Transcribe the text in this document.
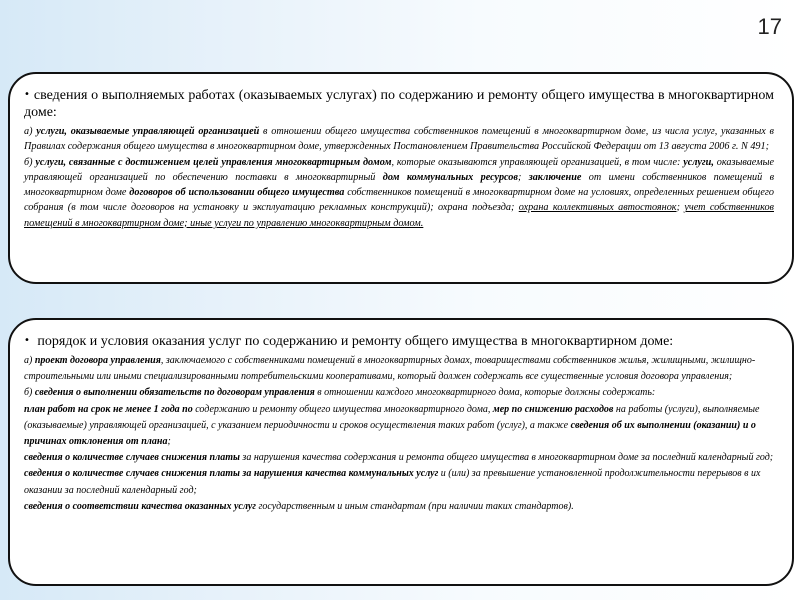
17

• сведения о выполняемых работах (оказываемых услугах) по содержанию и ремонту общего имущества в многоквартирном доме:

а) услуги, оказываемые управляющей организацией в отношении общего имущества собственников помещений в многоквартирном доме, из числа услуг, указанных в Правилах содержания общего имущества в многоквартирном доме, утвержденных Постановлением Правительства Российской Федерации от 13 августа 2006 г. N 491;

б) услуги, связанные с достижением целей управления многоквартирным домом, которые оказываются управляющей организацией, в том числе: услуги, оказываемые управляющей организацией по обеспечению поставки в многоквартирный дом коммунальных ресурсов; заключение от имени собственников помещений в многоквартирном доме договоров об использовании общего имущества собственников помещений в многоквартирном доме на условиях, определенных решением общего собрания (в том числе договоров на установку и эксплуатацию рекламных конструкций); охрана подъезда; охрана коллективных автостоянок; учет собственников помещений в многоквартирном доме; иные услуги по управлению многоквартирным домом.

• порядок и условия оказания услуг по содержанию и ремонту общего имущества в многоквартирном доме:

а) проект договора управления, заключаемого с собственниками помещений в многоквартирных домах, товариществами собственников жилья, жилищными, жилищно-строительными или иными специализированными потребительскими кооперативами, который должен содержать все существенные условия договора управления;

б) сведения о выполнении обязательств по договорам управления в отношении каждого многоквартирного дома, которые должны содержать:

план работ на срок не менее 1 года по содержанию и ремонту общего имущества многоквартирного дома, мер по снижению расходов на работы (услуги), выполняемые (оказываемые) управляющей организацией, с указанием периодичности и сроков осуществления таких работ (услуг), а также сведения об их выполнении (оказании) и о причинах отклонения от плана;

сведения о количестве случаев снижения платы за нарушения качества содержания и ремонта общего имущества в многоквартирном доме за последний календарный год;

сведения о количестве случаев снижения платы за нарушения качества коммунальных услуг и (или) за превышение установленной продолжительности перерывов в их оказании за последний календарный год;

сведения о соответствии качества оказанных услуг государственным и иным стандартам (при наличии таких стандартов).
